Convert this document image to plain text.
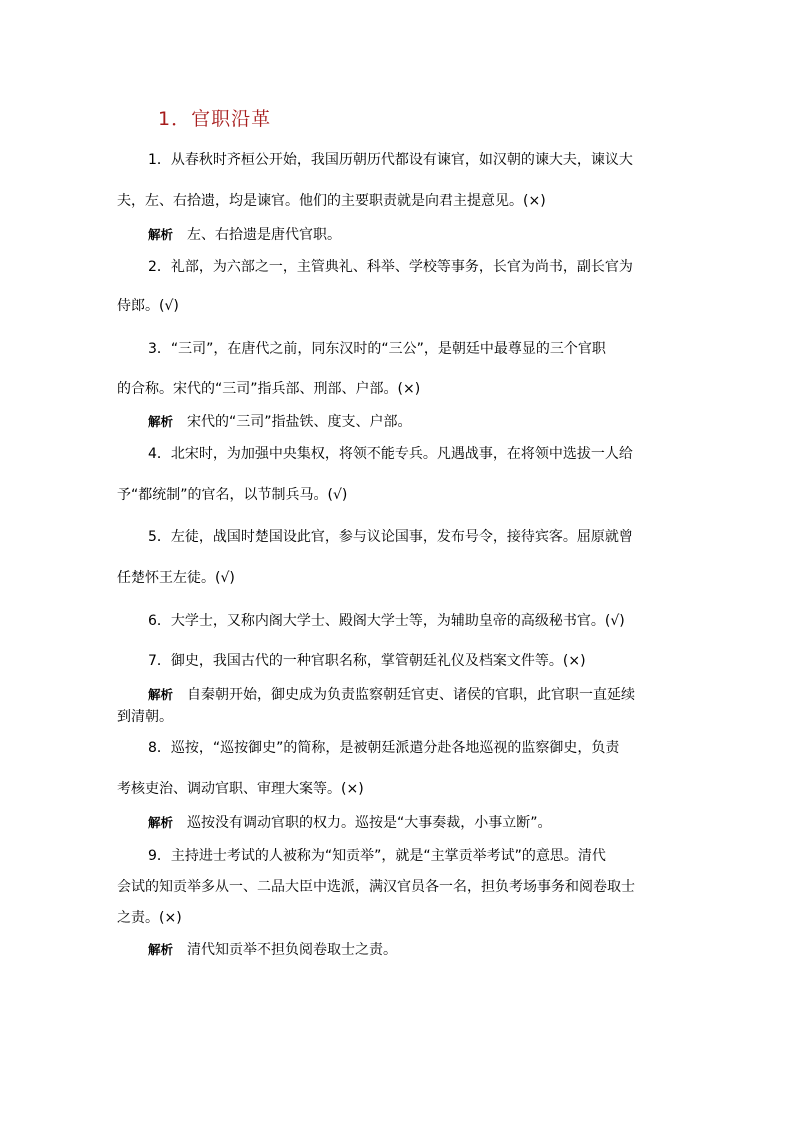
1．官职沿革
1．从春秋时齐桓公开始，我国历朝历代都设有谏官，如汉朝的谏大夫，谏议大
夫，左、右拾遗，均是谏官。他们的主要职责就是向君主提意见。(×)
解析 左、右拾遗是唐代官职。
2．礼部，为六部之一，主管典礼、科举、学校等事务，长官为尚书，副长官为
侍郎。(√)
3．“三司”，在唐代之前，同东汉时的“三公”，是朝廷中最尊显的三个官职
的合称。宋代的“三司”指兵部、刑部、户部。(×)
解析 宋代的“三司”指盐铁、度支、户部。
4．北宋时，为加强中央集权，将领不能专兵。凡遇战事，在将领中选拔一人给
予“都统制”的官名，以节制兵马。(√)
5．左徒，战国时楚国设此官，参与议论国事，发布号令，接待宾客。屈原就曾
任楚怀王左徒。(√)
6．大学士，又称内阁大学士、殿阁大学士等，为辅助皇帝的高级秘书官。(√)
7．御史，我国古代的一种官职名称，掌管朝廷礼仪及档案文件等。(×)
解析 自秦朝开始，御史成为负责监察朝廷官吏、诸侯的官职，此官职一直延续
到清朝。
8．巡按，“巡按御史”的简称，是被朝廷派遣分赴各地巡视的监察御史，负责
考核吏治、调动官职、审理大案等。(×)
解析 巡按没有调动官职的权力。巡按是“大事奏裁，小事立断”。
9．主持进士考试的人被称为“知贡举”，就是“主掌贡举考试”的意思。清代
会试的知贡举多从一、二品大臣中选派，满汉官员各一名，担负考场事务和阅卷取士
之责。(×)
解析 清代知贡举不担负阅卷取士之责。
